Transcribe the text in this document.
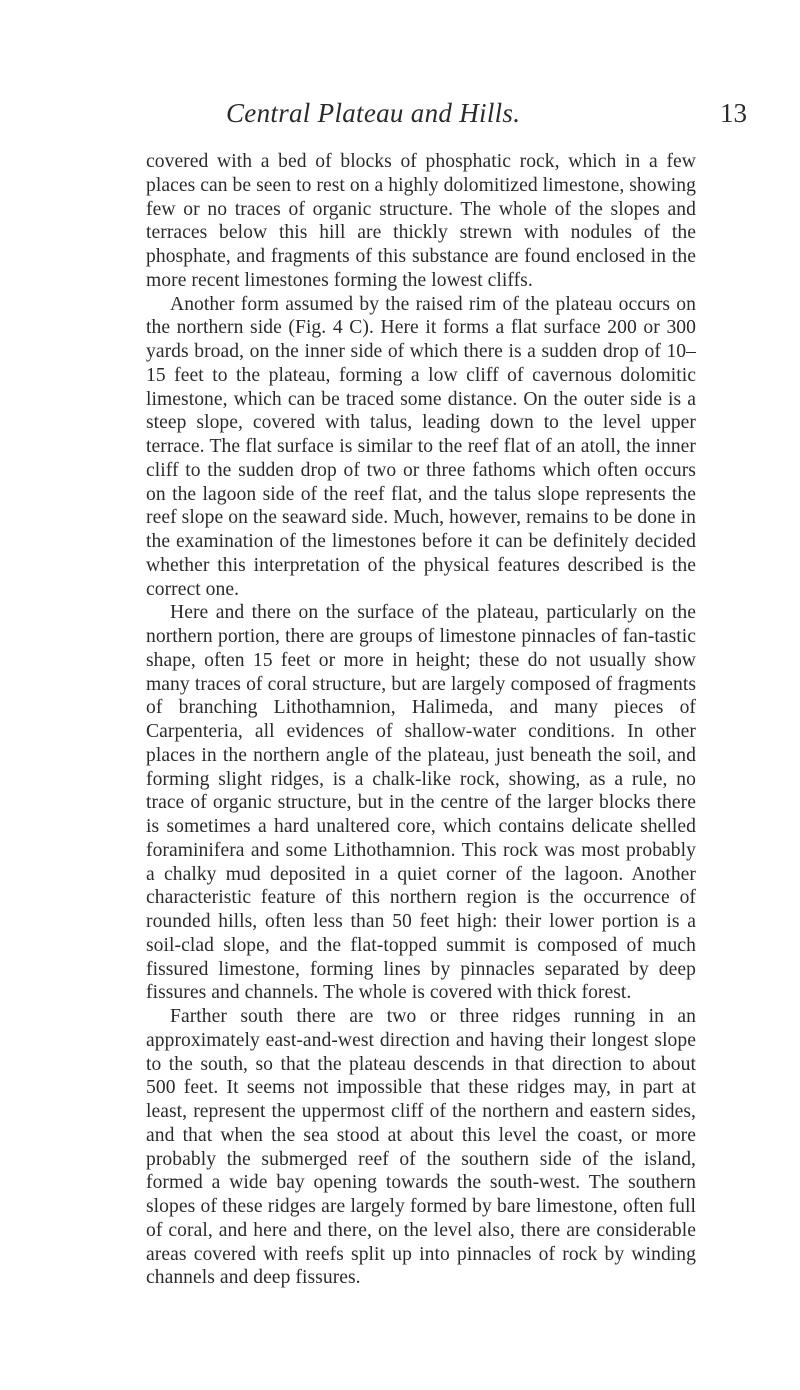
Central Plateau and Hills.	13

covered with a bed of blocks of phosphatic rock, which in a few places can be seen to rest on a highly dolomitized limestone, showing few or no traces of organic structure. The whole of the slopes and terraces below this hill are thickly strewn with nodules of the phosphate, and fragments of this substance are found enclosed in the more recent limestones forming the lowest cliffs.

Another form assumed by the raised rim of the plateau occurs on the northern side (Fig. 4 C). Here it forms a flat surface 200 or 300 yards broad, on the inner side of which there is a sudden drop of 10–15 feet to the plateau, forming a low cliff of cavernous dolomitic limestone, which can be traced some distance. On the outer side is a steep slope, covered with talus, leading down to the level upper terrace. The flat surface is similar to the reef flat of an atoll, the inner cliff to the sudden drop of two or three fathoms which often occurs on the lagoon side of the reef flat, and the talus slope represents the reef slope on the seaward side. Much, however, remains to be done in the examination of the limestones before it can be definitely decided whether this interpretation of the physical features described is the correct one.

Here and there on the surface of the plateau, particularly on the northern portion, there are groups of limestone pinnacles of fan-tastic shape, often 15 feet or more in height; these do not usually show many traces of coral structure, but are largely composed of fragments of branching Lithothamnion, Halimeda, and many pieces of Carpenteria, all evidences of shallow-water conditions. In other places in the northern angle of the plateau, just beneath the soil, and forming slight ridges, is a chalk-like rock, showing, as a rule, no trace of organic structure, but in the centre of the larger blocks there is sometimes a hard unaltered core, which contains delicate shelled foraminifera and some Lithothamnion. This rock was most probably a chalky mud deposited in a quiet corner of the lagoon. Another characteristic feature of this northern region is the occurrence of rounded hills, often less than 50 feet high: their lower portion is a soil-clad slope, and the flat-topped summit is composed of much fissured limestone, forming lines by pinnacles separated by deep fissures and channels. The whole is covered with thick forest.

Farther south there are two or three ridges running in an approximately east-and-west direction and having their longest slope to the south, so that the plateau descends in that direction to about 500 feet. It seems not impossible that these ridges may, in part at least, represent the uppermost cliff of the northern and eastern sides, and that when the sea stood at about this level the coast, or more probably the submerged reef of the southern side of the island, formed a wide bay opening towards the south-west. The southern slopes of these ridges are largely formed by bare limestone, often full of coral, and here and there, on the level also, there are considerable areas covered with reefs split up into pinnacles of rock by winding channels and deep fissures.
